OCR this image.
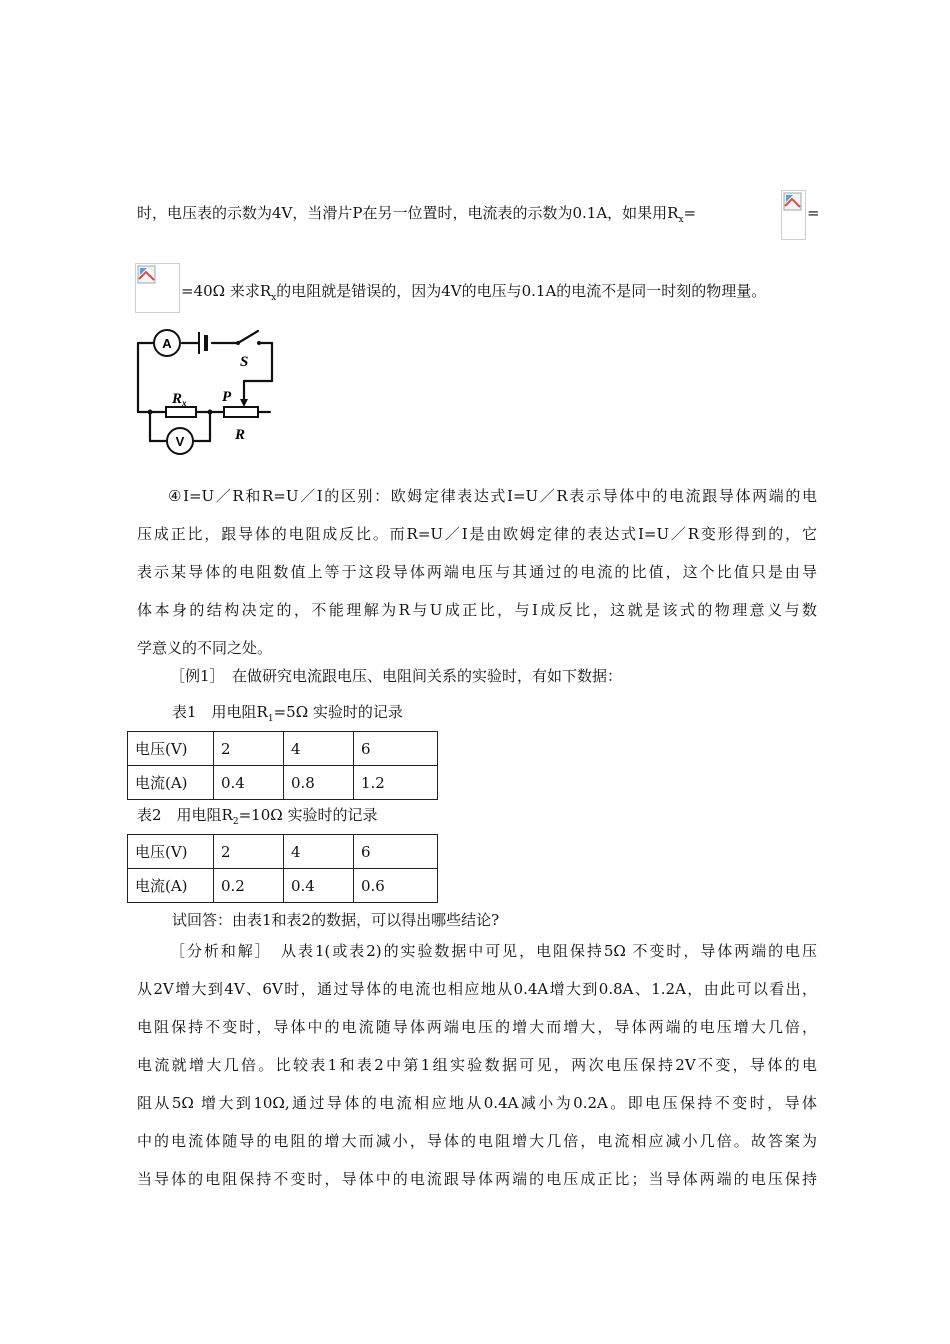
时，电压表的示数为4V，当滑片P在另一位置时，电流表的示数为0.1A，如果用$R_x=$	=
=40Ω 来求$R_x$的电阻就是错误的，因为4V的电压与0.1A的电流不是同一时刻的物理量。
A
V
S
P
R
$R_x$
④I=U／R和R=U／I的区别：欧姆定律表达式I=U／R表示导体中的电流跟导体两端的电
压成正比，跟导体的电阻成反比。而R=U／I是由欧姆定律的表达式I=U／R变形得到的，它
表示某导体的电阻数值上等于这段导体两端电压与其通过的电流的比值，这个比值只是由导
体本身的结构决定的，不能理解为R与U成正比，与I成反比，这就是该式的物理意义与数
学意义的不同之处。
［例1］　在做研究电流跟电压、电阻间关系的实验时，有如下数据：
表1　用电阻$R_1=5\Omega$ 实验时的记录
电压(V)	2	4	6
电流(A)	0.4	0.8	1.2
表2　用电阻$R_2=10\Omega$ 实验时的记录
电压(V)	2	4	6
电流(A)	0.2	0.4	0.6
试回答：由表1和表2的数据，可以得出哪些结论?
［分析和解］　从表1(或表2)的实验数据中可见，电阻保持5Ω 不变时，导体两端的电压
从2V增大到4V、6V时，通过导体的电流也相应地从0.4A增大到0.8A、1.2A，由此可以看出，
电阻保持不变时，导体中的电流随导体两端电压的增大而增大，导体两端的电压增大几倍，
电流就增大几倍。比较表1和表2中第1组实验数据可见，两次电压保持2V不变，导体的电
阻从5Ω 增大到10Ω,通过导体的电流相应地从0.4A减小为0.2A。即电压保持不变时，导体
中的电流体随导的电阻的增大而减小，导体的电阻增大几倍，电流相应减小几倍。故答案为
当导体的电阻保持不变时，导体中的电流跟导体两端的电压成正比；当导体两端的电压保持
